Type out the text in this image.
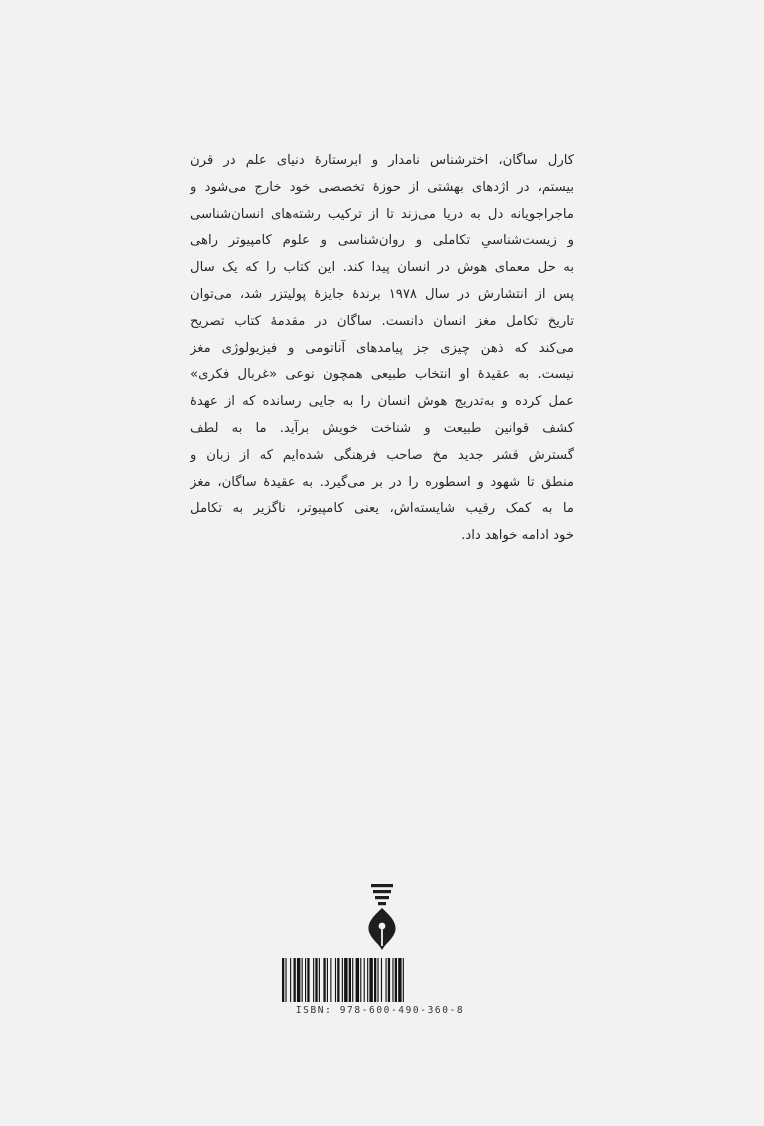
کارل ساگان، اخترشناس نامدار و ابرستارهٔ دنیای علم در قرن
بیستم، در اژدهای بهشتی از حوزهٔ تخصصی خود خارج می‌شود و
ماجراجویانه دل به دریا می‌زند تا از ترکیب رشته‌های انسان‌شناسی
و زیست‌شناسیِ تکاملی و روان‌شناسی و علوم کامپیوتر راهی
به حل معمای هوش در انسان پیدا کند. این کتاب را که یک سال
پس از انتشارش در سال ۱۹۷۸ برندهٔ جایزهٔ پولیتزر شد، می‌توان
تاریخ تکامل مغز انسان دانست. ساگان در مقدمهٔ کتاب تصریح
می‌کند که ذهن چیزی جز پیامدهای آناتومی و فیزیولوژی مغز
نیست. به عقیدهٔ او انتخاب طبیعی همچون نوعی «غربال فکری»
عمل کرده و به‌تدریج هوش انسان را به جایی رسانده که از عهدهٔ
کشف قوانین طبیعت و شناخت خویش برآید. ما به لطف
گسترش قشر جدید مخ صاحب فرهنگی شده‌ایم که از زبان و
منطق تا شهود و اسطوره را در بر می‌گیرد. به عقیدهٔ ساگان، مغز
ما به کمک رقیب شایسته‌اش، یعنی کامپیوتر، ناگزیر به تکامل
خود ادامه خواهد داد.
ISBN: 978-600-490-360-8
